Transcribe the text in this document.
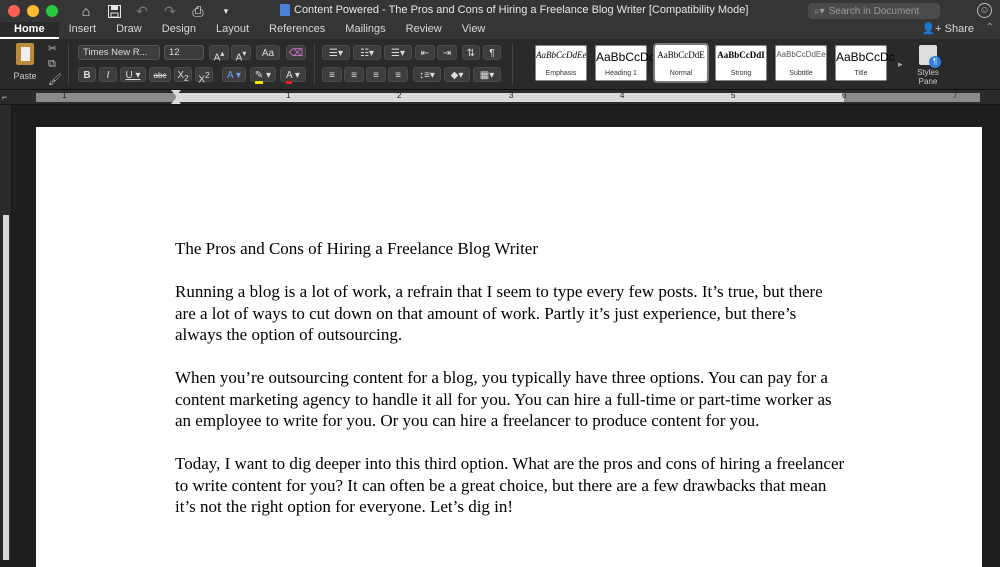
⌂	↶ ↷ ⎙	▾	Content Powered - The Pros and Cons of Hiring a Freelance Blog Writer [Compatibility Mode]	⌕▾ Search in Document	☺
Home	Insert	Draw	Design	Layout	References	Mailings	Review	View	👤+ Share ⌃
Paste
✂
⧉
🖌
Times New R...	12	A▴	A▾	Aa	⌫
B	I	U ▾	abc	$X_2$ $X^2$	A ▾	✎ ▾	A ▾
☰▾	☷▾	☰▾	⇤	⇥	⇅	¶
≡	≡	≡	≡	↕≡▾	◆▾	▦▾
AaBbCcDdEe
Emphasis
AaBbCcDc
Heading 1
AaBbCcDdE
Normal
AaBbCcDdI
Strong
AaBbCcDdEe
Subtitle
AaBbCcDc
Title
▸
¶
Styles Pane
⌐	1	1	2	3	4	5	6	7

The Pros and Cons of Hiring a Freelance Blog Writer

Running a blog is a lot of work, a refrain that I seem to type every few posts. It’s true, but there are a lot of ways to cut down on that amount of work. Partly it’s just experience, but there’s always the option of outsourcing.

When you’re outsourcing content for a blog, you typically have three options. You can pay for a content marketing agency to handle it all for you. You can hire a full-time or part-time worker as an employee to write for you. Or you can hire a freelancer to produce content for you.

Today, I want to dig deeper into this third option. What are the pros and cons of hiring a freelancer to write content for you? It can often be a great choice, but there are a few drawbacks that mean it’s not the right option for everyone. Let’s dig in!
